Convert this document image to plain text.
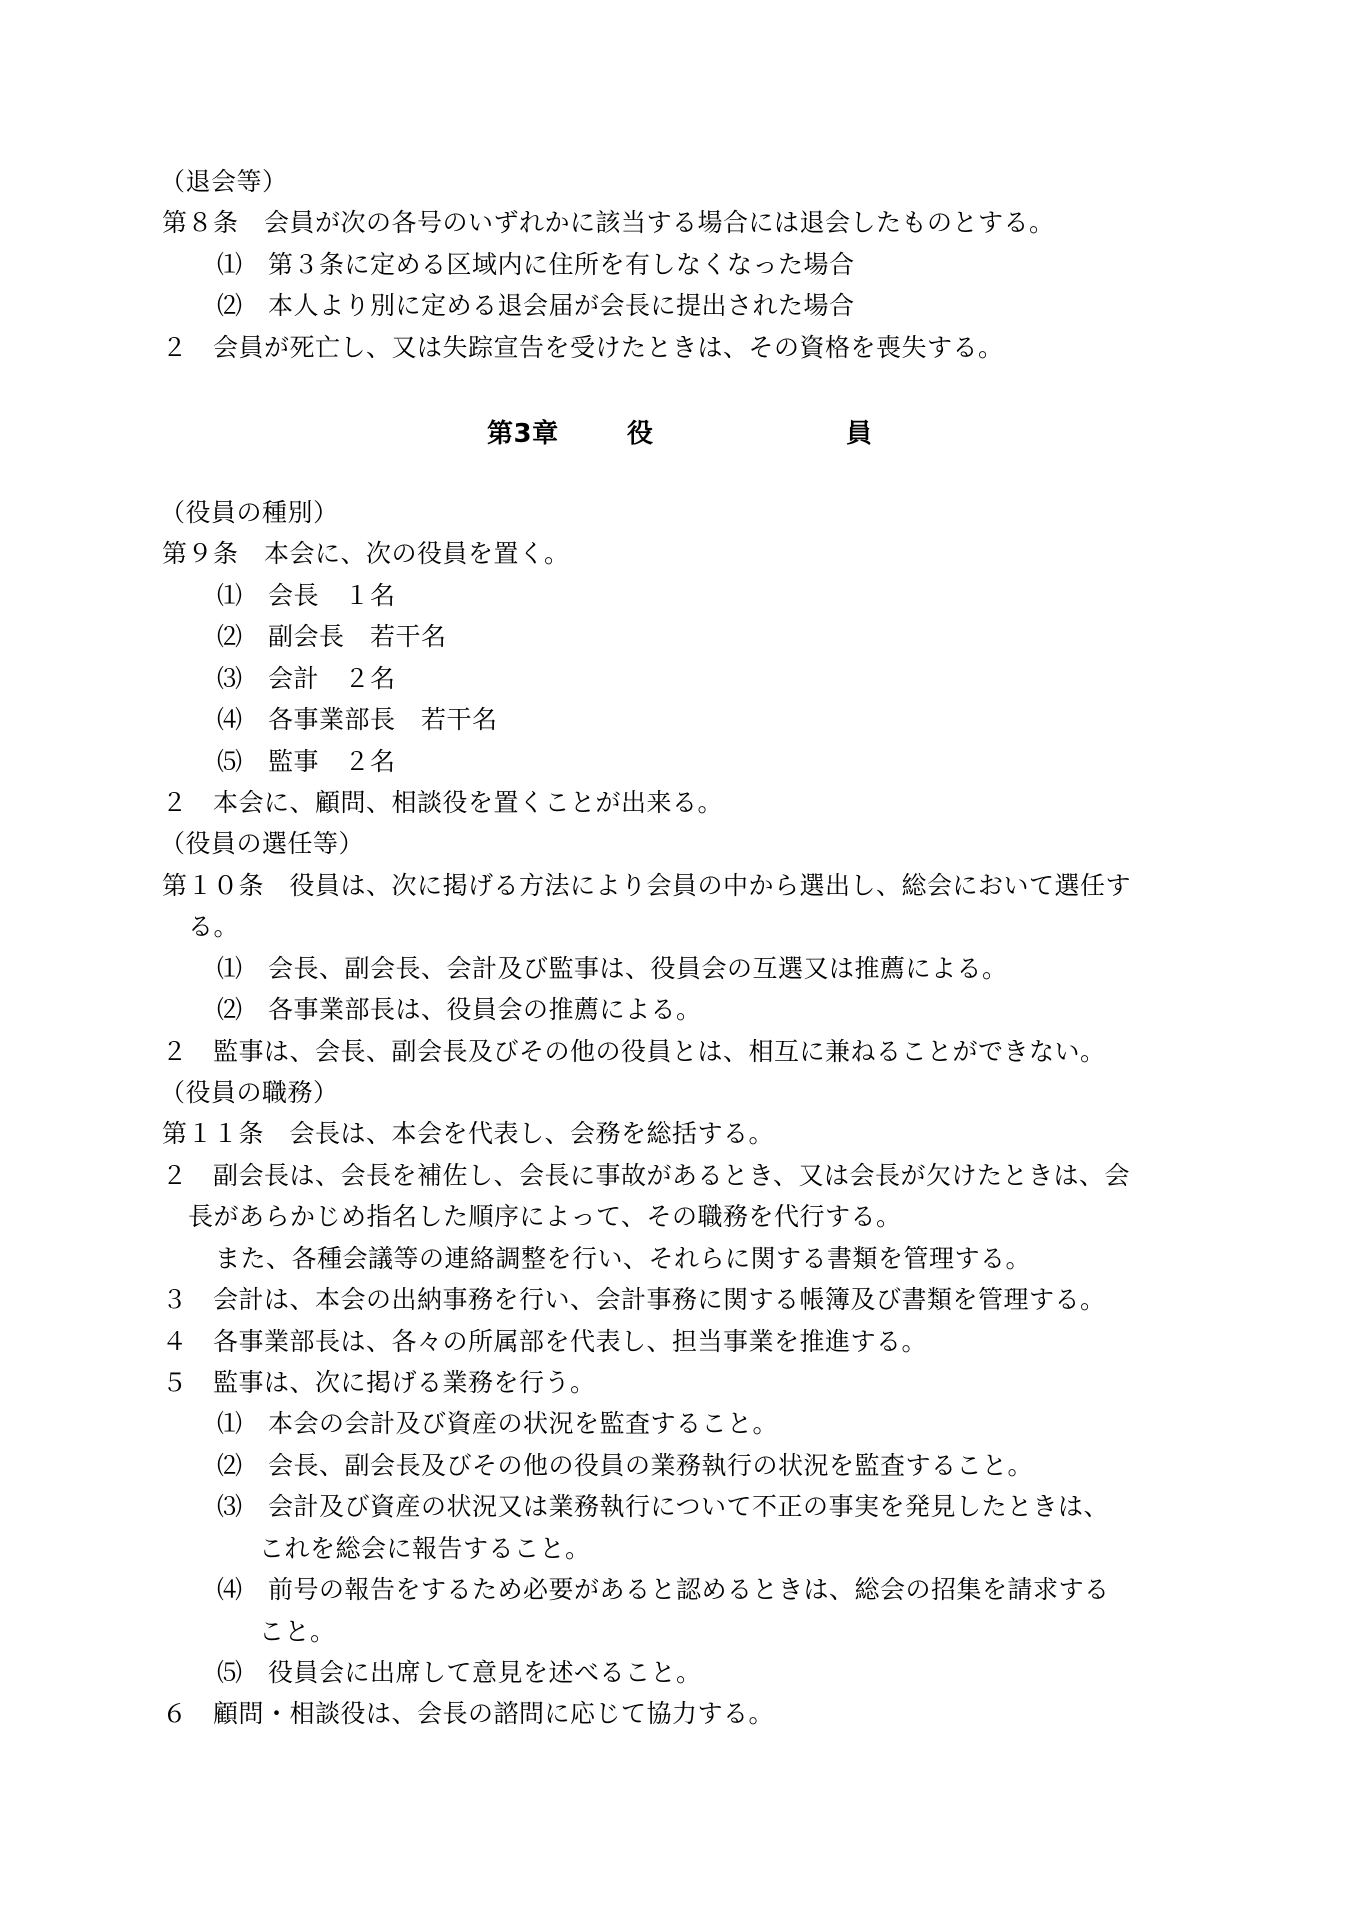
（退会等）
第８条　会員が次の各号のいずれかに該当する場合には退会したものとする。
⑴　第３条に定める区域内に住所を有しなくなった場合
⑵　本人より別に定める退会届が会長に提出された場合
２　会員が死亡し、又は失踪宣告を受けたときは、その資格を喪失する。
第3章	役	員
（役員の種別）
第９条　本会に、次の役員を置く。
⑴　会長　１名
⑵　副会長　若干名
⑶　会計　２名
⑷　各事業部長　若干名
⑸　監事　２名
２　本会に、顧問、相談役を置くことが出来る。
（役員の選任等）
第１０条　役員は、次に掲げる方法により会員の中から選出し、総会において選任す
る。
⑴　会長、副会長、会計及び監事は、役員会の互選又は推薦による。
⑵　各事業部長は、役員会の推薦による。
２　監事は、会長、副会長及びその他の役員とは、相互に兼ねることができない。
（役員の職務）
第１１条　会長は、本会を代表し、会務を総括する。
２　副会長は、会長を補佐し、会長に事故があるとき、又は会長が欠けたときは、会
長があらかじめ指名した順序によって、その職務を代行する。
また、各種会議等の連絡調整を行い、それらに関する書類を管理する。
３　会計は、本会の出納事務を行い、会計事務に関する帳簿及び書類を管理する。
４　各事業部長は、各々の所属部を代表し、担当事業を推進する。
５　監事は、次に掲げる業務を行う。
⑴　本会の会計及び資産の状況を監査すること。
⑵　会長、副会長及びその他の役員の業務執行の状況を監査すること。
⑶　会計及び資産の状況又は業務執行について不正の事実を発見したときは、
これを総会に報告すること。
⑷　前号の報告をするため必要があると認めるときは、総会の招集を請求する
こと。
⑸　役員会に出席して意見を述べること。
６　顧問・相談役は、会長の諮問に応じて協力する。
